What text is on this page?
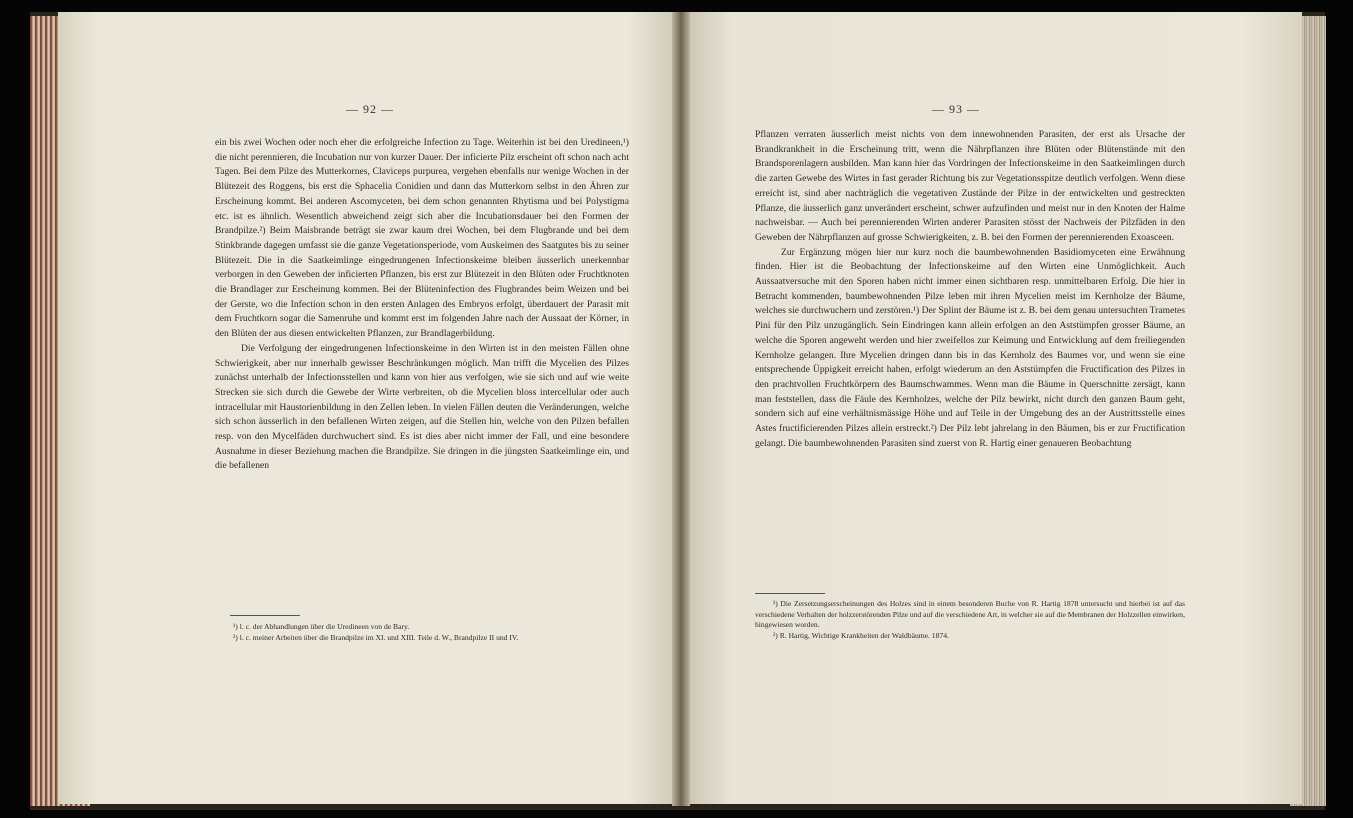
— 92 —

ein bis zwei Wochen oder noch eher die erfolgreiche Infection zu Tage. Weiterhin ist bei den Uredineen,¹) die nicht perennieren, die Incubation nur von kurzer Dauer. Der inficierte Pilz erscheint oft schon nach acht Tagen. Bei dem Pilze des Mutterkornes, Claviceps purpurea, vergehen ebenfalls nur wenige Wochen in der Blütezeit des Roggens, bis erst die Sphacelia Conidien und dann das Mutterkorn selbst in den Ähren zur Erscheinung kommt. Bei anderen Ascomyceten, bei dem schon genannten Rhytisma und bei Polystigma etc. ist es ähnlich. Wesentlich abweichend zeigt sich aber die Incubationsdauer bei den Formen der Brandpilze.²) Beim Maisbrande beträgt sie zwar kaum drei Wochen, bei dem Flugbrande und bei dem Stinkbrande dagegen umfasst sie die ganze Vegetationsperiode, vom Auskeimen des Saatgutes bis zu seiner Blütezeit. Die in die Saatkeimlinge eingedrungenen Infectionskeime bleiben äusserlich unerkennbar verborgen in den Geweben der inficierten Pflanzen, bis erst zur Blütezeit in den Blüten oder Fruchtknoten die Brandlager zur Erscheinung kommen. Bei der Blüteninfection des Flugbrandes beim Weizen und bei der Gerste, wo die Infection schon in den ersten Anlagen des Embryos erfolgt, überdauert der Parasit mit dem Fruchtkorn sogar die Samenruhe und kommt erst im folgenden Jahre nach der Aussaat der Körner, in den Blüten der aus diesen entwickelten Pflanzen, zur Brandlagerbildung.

Die Verfolgung der eingedrungenen Infectionskeime in den Wirten ist in den meisten Fällen ohne Schwierigkeit, aber nur innerhalb gewisser Beschränkungen möglich. Man trifft die Mycelien des Pilzes zunächst unterhalb der Infectionsstellen und kann von hier aus verfolgen, wie sie sich und auf wie weite Strecken sie sich durch die Gewebe der Wirte verbreiten, ob die Mycelien bloss intercellular oder auch intracellular mit Haustorienbildung in den Zellen leben. In vielen Fällen deuten die Veränderungen, welche sich schon äusserlich in den befallenen Wirten zeigen, auf die Stellen hin, welche von den Pilzen befallen resp. von den Mycelfäden durchwuchert sind. Es ist dies aber nicht immer der Fall, und eine besondere Ausnahme in dieser Beziehung machen die Brandpilze. Sie dringen in die jüngsten Saatkeimlinge ein, und die befallenen

¹) l. c. der Abhandlungen über die Uredineen von de Bary.

²) l. c. meiner Arbeiten über die Brandpilze im XI. und XIII. Teile d. W., Brandpilze II und IV.

— 93 —

Pflanzen verraten äusserlich meist nichts von dem innewohnenden Parasiten, der erst als Ursache der Brandkrankheit in die Erscheinung tritt, wenn die Nährpflanzen ihre Blüten oder Blütenstände mit den Brandsporenlagern ausbilden. Man kann hier das Vordringen der Infectionskeime in den Saatkeimlingen durch die zarten Gewebe des Wirtes in fast gerader Richtung bis zur Vegetationsspitze deutlich verfolgen. Wenn diese erreicht ist, sind aber nachträglich die vegetativen Zustände der Pilze in der entwickelten und gestreckten Pflanze, die äusserlich ganz unverändert erscheint, schwer aufzufinden und meist nur in den Knoten der Halme nachweisbar. — Auch bei perennierenden Wirten anderer Parasiten stösst der Nachweis der Pilzfäden in den Geweben der Nährpflanzen auf grosse Schwierigkeiten, z. B. bei den Formen der perennierenden Exoasceen.

Zur Ergänzung mögen hier nur kurz noch die baumbewohnenden Basidiomyceten eine Erwähnung finden. Hier ist die Beobachtung der Infectionskeime auf den Wirten eine Unmöglichkeit. Auch Aussaatversuche mit den Sporen haben nicht immer einen sichtbaren resp. unmittelbaren Erfolg. Die hier in Betracht kommenden, baumbewohnenden Pilze leben mit ihren Mycelien meist im Kernholze der Bäume, welches sie durchwuchern und zerstören.¹) Der Splint der Bäume ist z. B. bei dem genau untersuchten Trametes Pini für den Pilz unzugänglich. Sein Eindringen kann allein erfolgen an den Aststümpfen grosser Bäume, an welche die Sporen angeweht werden und hier zweifellos zur Keimung und Entwicklung auf dem freiliegenden Kernholze gelangen. Ihre Mycelien dringen dann bis in das Kernholz des Baumes vor, und wenn sie eine entsprechende Üppigkeit erreicht haben, erfolgt wiederum an den Aststümpfen die Fructification des Pilzes in den prachtvollen Fruchtkörpern des Baumschwammes. Wenn man die Bäume in Querschnitte zersägt, kann man feststellen, dass die Fäule des Kernholzes, welche der Pilz bewirkt, nicht durch den ganzen Baum geht, sondern sich auf eine verhältnismässige Höhe und auf Teile in der Umgebung des an der Austrittsstelle eines Astes fructificierenden Pilzes allein erstreckt.²) Der Pilz lebt jahrelang in den Bäumen, bis er zur Fructification gelangt. Die baumbewohnenden Parasiten sind zuerst von R. Hartig einer genaueren Beobachtung

¹) Die Zersetzungserscheinungen des Holzes sind in einem besonderen Buche von R. Hartig 1878 untersucht und hierbei ist auf das verschiedene Verhalten der holzzerstörenden Pilze und auf die verschiedene Art, in welcher sie auf die Membranen der Holzzellen einwirken, hingewiesen worden.

²) R. Hartig, Wichtige Krankheiten der Waldbäume. 1874.
